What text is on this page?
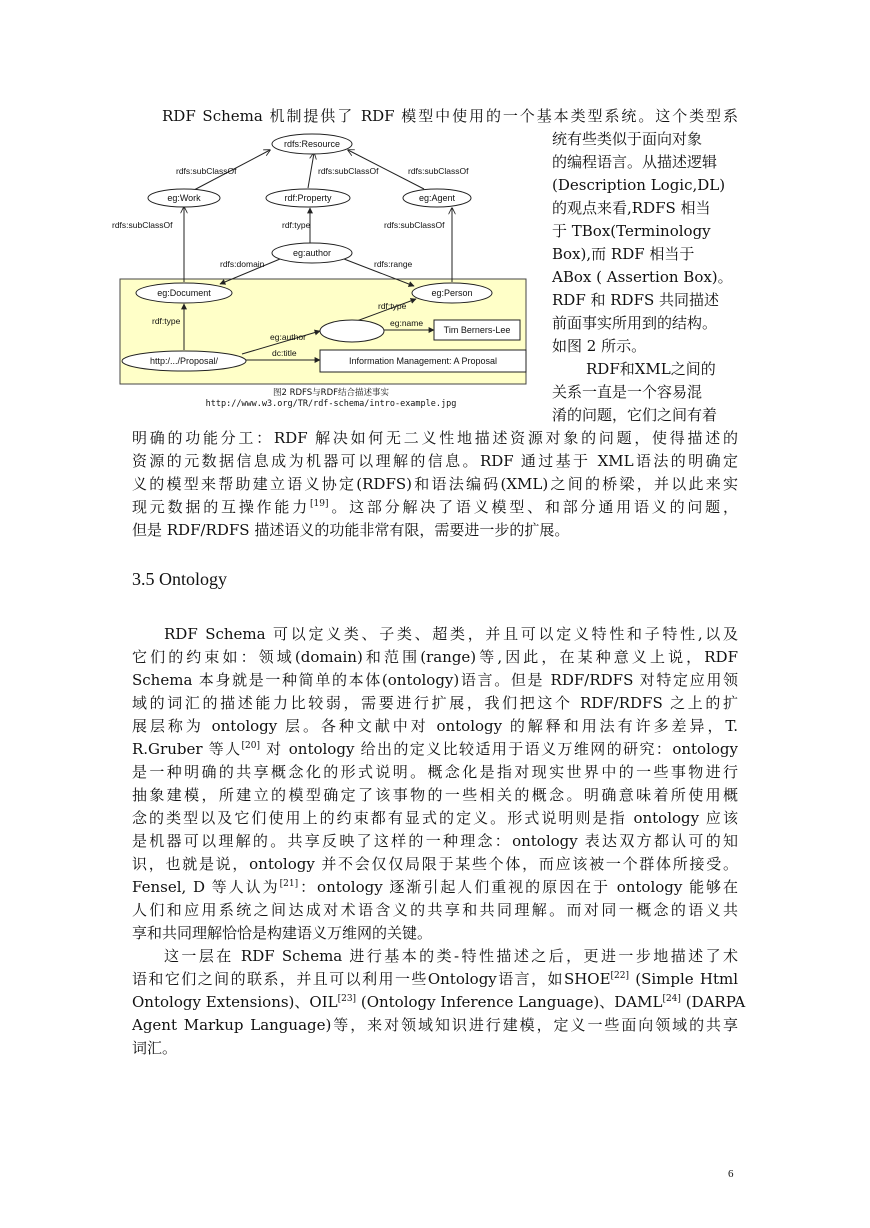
RDF Schema 机制提供了 RDF 模型中使用的一个基本类型系统。这个类型系
rdfs:Resource
eg:Work	rdf:Property	eg:Agent
eg:author
eg:Document	eg:Person
http:/.../Proposal/
Tim Berners-Lee
Information Management: A Proposal
rdfs:subClassOf	rdfs:subClassOf	rdfs:subClassOf
rdfs:subClassOf	rdfs:subClassOf
rdf:type
rdfs:domain	rdfs:range
rdf:type
rdf:type
eg:author
eg:name
dc:title
图2 RDFS与RDF结合描述事实
http://www.w3.org/TR/rdf-schema/intro-example.jpg
统有些类似于面向对象
的编程语言。从描述逻辑
(Description Logic,DL)
的观点来看,RDFS 相当
于 TBox(Terminology
Box),而 RDF 相当于
ABox ( Assertion Box)。
RDF 和 RDFS 共同描述
前面事实所用到的结构。
如图 2 所示。
RDF和XML之间的
关系一直是一个容易混
淆的问题，它们之间有着
明确的功能分工：RDF 解决如何无二义性地描述资源对象的问题，使得描述的
资源的元数据信息成为机器可以理解的信息。RDF 通过基于 XML语法的明确定
义的模型来帮助建立语义协定(RDFS)和语法编码(XML)之间的桥梁，并以此来实
现元数据的互操作能力[19]。这部分解决了语义模型、和部分通用语义的问题，
但是 RDF/RDFS 描述语义的功能非常有限，需要进一步的扩展。
3.5 Ontology
RDF Schema 可以定义类、子类、超类，并且可以定义特性和子特性,以及
它们的约束如：领域(domain)和范围(range)等,因此，在某种意义上说，RDF
Schema 本身就是一种简单的本体(ontology)语言。但是 RDF/RDFS 对特定应用领
域的词汇的描述能力比较弱，需要进行扩展，我们把这个 RDF/RDFS 之上的扩
展层称为 ontology 层。各种文献中对 ontology 的解释和用法有许多差异，T.
R.Gruber 等人[20] 对 ontology 给出的定义比较适用于语义万维网的研究：ontology
是一种明确的共享概念化的形式说明。概念化是指对现实世界中的一些事物进行
抽象建模，所建立的模型确定了该事物的一些相关的概念。明确意味着所使用概
念的类型以及它们使用上的约束都有显式的定义。形式说明则是指 ontology 应该
是机器可以理解的。共享反映了这样的一种理念：ontology 表达双方都认可的知
识，也就是说，ontology 并不会仅仅局限于某些个体，而应该被一个群体所接受。
Fensel, D 等人认为[21]：ontology 逐渐引起人们重视的原因在于 ontology 能够在
人们和应用系统之间达成对术语含义的共享和共同理解。而对同一概念的语义共
享和共同理解恰恰是构建语义万维网的关键。
这一层在 RDF Schema 进行基本的类-特性描述之后，更进一步地描述了术
语和它们之间的联系，并且可以利用一些Ontology语言，如SHOE[22] (Simple Html
Ontology Extensions)、OIL[23] (Ontology Inference Language)、DAML[24] (DARPA
Agent Markup Language)等，来对领域知识进行建模，定义一些面向领域的共享
词汇。
6
